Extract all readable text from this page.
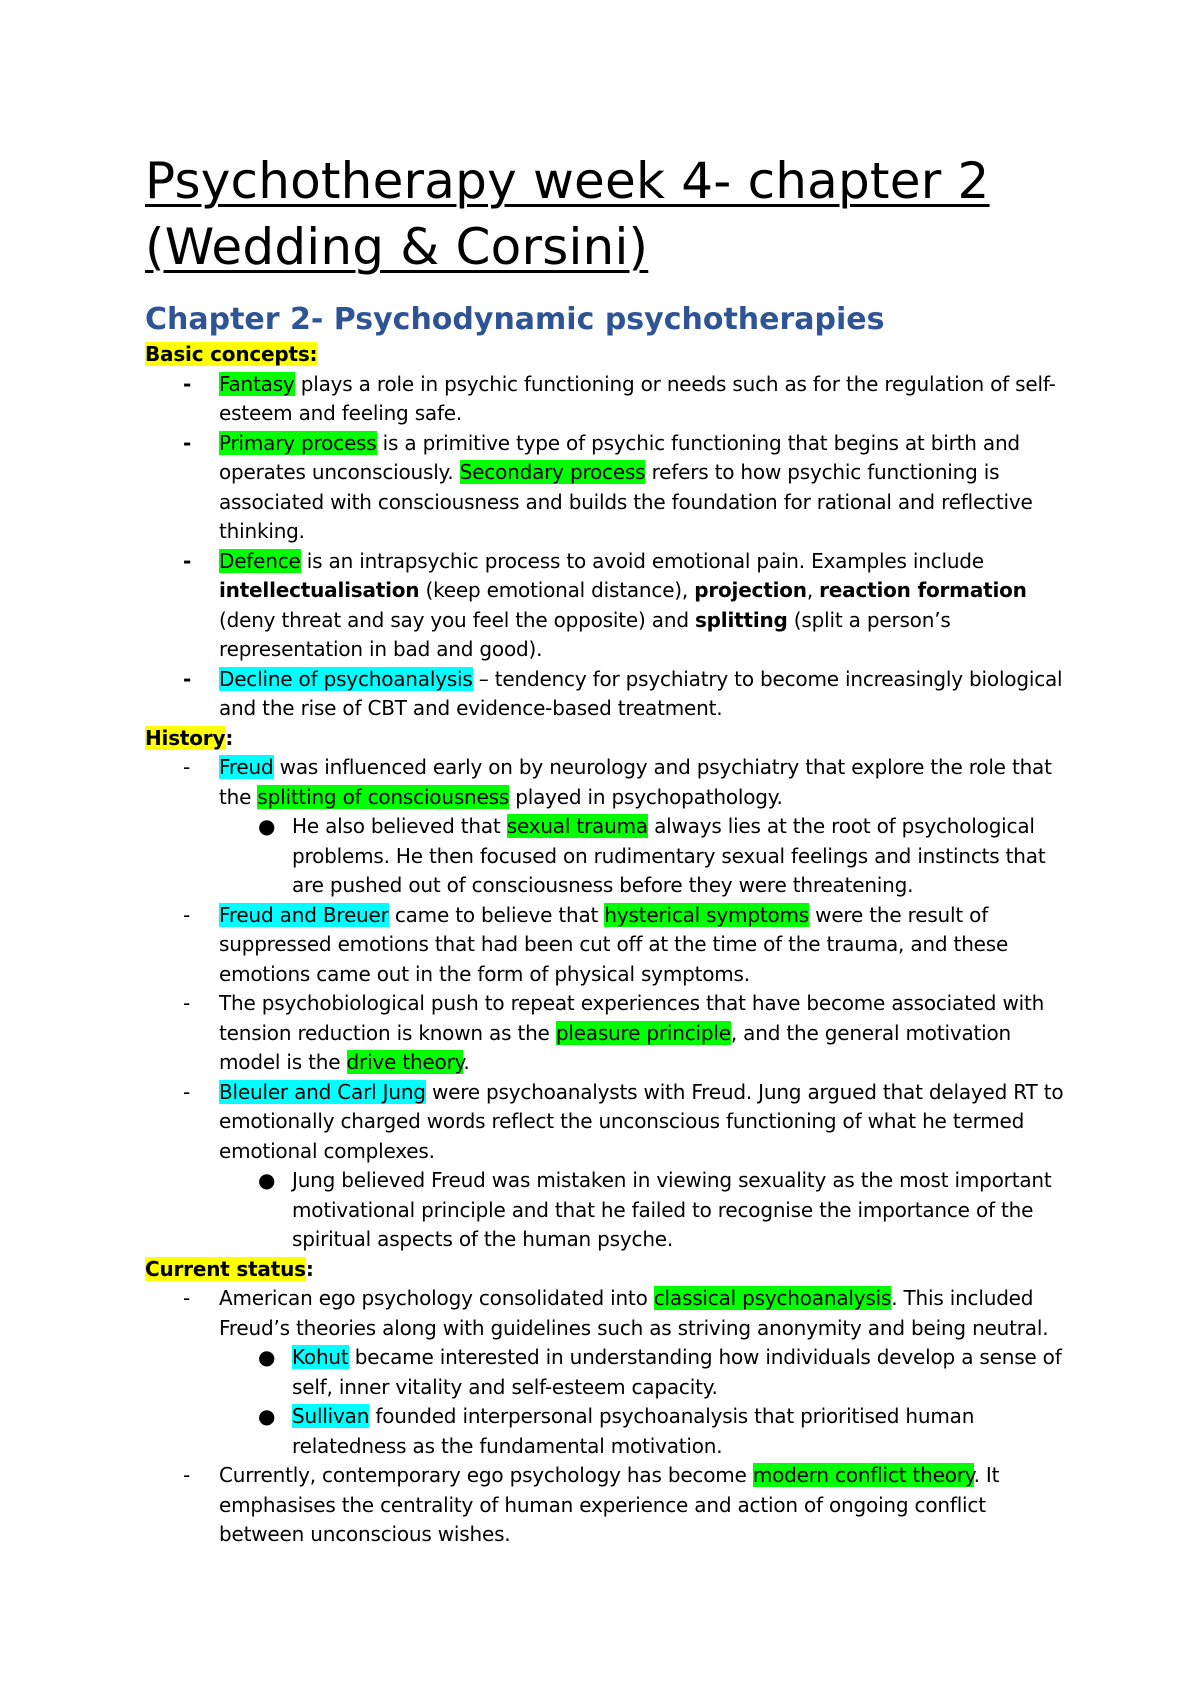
Psychotherapy week 4- chapter 2 (Wedding & Corsini)
Chapter 2- Psychodynamic psychotherapies
Basic concepts:
-	Fantasy plays a role in psychic functioning or needs such as for the regulation of self-esteem and feeling safe.
-	Primary process is a primitive type of psychic functioning that begins at birth and operates unconsciously. Secondary process refers to how psychic functioning is associated with consciousness and builds the foundation for rational and reflective thinking.
-	Defence is an intrapsychic process to avoid emotional pain. Examples include intellectualisation (keep emotional distance), projection, reaction formation (deny threat and say you feel the opposite) and splitting (split a person’s representation in bad and good).
-	Decline of psychoanalysis – tendency for psychiatry to become increasingly biological and the rise of CBT and evidence-based treatment.
History:
-	Freud was influenced early on by neurology and psychiatry that explore the role that the splitting of consciousness played in psychopathology.
● He also believed that sexual trauma always lies at the root of psychological problems. He then focused on rudimentary sexual feelings and instincts that are pushed out of consciousness before they were threatening.
-	Freud and Breuer came to believe that hysterical symptoms were the result of suppressed emotions that had been cut off at the time of the trauma, and these emotions came out in the form of physical symptoms.
-	The psychobiological push to repeat experiences that have become associated with tension reduction is known as the pleasure principle, and the general motivation model is the drive theory.
-	Bleuler and Carl Jung were psychoanalysts with Freud. Jung argued that delayed RT to emotionally charged words reflect the unconscious functioning of what he termed emotional complexes.
● Jung believed Freud was mistaken in viewing sexuality as the most important motivational principle and that he failed to recognise the importance of the spiritual aspects of the human psyche.
Current status:
-	American ego psychology consolidated into classical psychoanalysis. This included Freud’s theories along with guidelines such as striving anonymity and being neutral.
● Kohut became interested in understanding how individuals develop a sense of self, inner vitality and self-esteem capacity.
● Sullivan founded interpersonal psychoanalysis that prioritised human relatedness as the fundamental motivation.
-	Currently, contemporary ego psychology has become modern conflict theory. It emphasises the centrality of human experience and action of ongoing conflict between unconscious wishes.
